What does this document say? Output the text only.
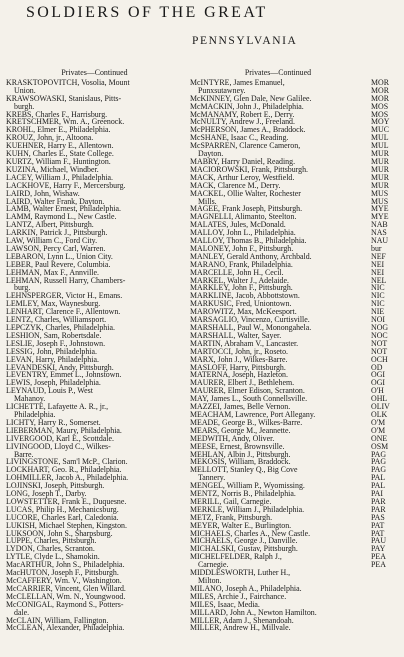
SOLDIERS OF THE GREAT
PENNSYLVANIA
Privates—Continued
KRASKTOPOVITCH, Vosolia, Mount
Union.
KRAWSOWASKI, Stanislaus, Pitts-
burgh.
KREBS, Charles F., Harrisburg.
KRETSCHMER, Wm. A., Greenock.
KROHL, Elmer E., Philadelphia.
KROUZ, John, jr., Altoona.
KUEHNER, Harry E., Allentown.
KUHN, Charles E., State College.
KURTZ, William F., Huntington.
KUZINA, Michael, Windber.
LACEY, William J., Philadelphia.
LACKHOVE, Harry F., Mercersburg.
LAIRD, John, Wishaw.
LAIRD, Walter Frank, Dayton.
LAMB, Walter Ernest, Philadelphia.
LAMM, Raymond L., New Castle.
LANTZ, Albert, Pittsburgh.
LARKIN, Patrick J., Pittsburgh.
LAW, William C., Ford City.
LAWSON, Percy Carl, Warren.
LEBARON, Lynn L., Union City.
LEBER, Paul Revere, Columbia.
LEHMAN, Max F., Annville.
LEHMAN, Russell Harry, Chambers-
burg.
LEHNSPERGER, Victor H., Emans.
LEMLEY, Max, Waynesburg.
LENHART, Clarence F., Allentown.
LENTZ, Charles, Williamsport.
LEPCZYK, Charles, Philadelphia.
LESHION, Sam, Robertsdale.
LESLIE, Joseph F., Johnstown.
LESSIG, John, Philadelphia.
LEVAN, Harry, Philadelphia.
LEVANDESKI, Andy, Pittsburgh.
LEVENTRY, Emmet L., Johnstown.
LEWIS, Joseph, Philadelphia.
LEYNAUD, Louis P., West
Mahanoy.
LICHETTE, Lafayette A. R., jr.,
Philadelphia.
LICHTY, Harry R., Somerset.
LIEBERMAN, Maury, Philadelphia.
LIVERGOOD, Karl E., Scottdale.
LIVINGOOD, Lloyd C., Wilkes-
Barre.
LIVINGSTONE, Sam'l McP., Clarion.
LOCKHART, Geo. R., Philadelphia.
LOHMILLER, Jacob A., Philadelphia.
LOJINSKI, Joseph, Pittsburgh.
LONG, Joseph T., Darby.
LOWSTETTER, Frank E., Duquesne.
LUCAS, Philip H., Mechanicsburg.
LUCORE, Charles Earl, Caledonia.
LUKISH, Michael Stephen, Kingston.
LUKSOON, John S., Sharpsburg.
LUPPE, Charles, Pittsburgh.
LYDON, Charles, Scranton.
LYTLE, Clyde L., Shamokin.
MacARTHUR, John S., Philadelphia.
MacHUTON, Joseph F., Pittsburgh.
McCAFFERY, Wm. V., Washington.
McCARRIER, Vincent, Glen Willard.
McCLELLAN, Wm. N., Youngwood.
McCONIGAL, Raymond S., Potters-
dale.
McCLAIN, William, Fallington.
McCLEAN, Alexander, Philadelphia.
Privates—Continued
McINTYRE, James Emanuel,
Punxsutawney.
McKINNEY, Glen Dale, New Galilee.
McMACKIN, John J., Philadelphia.
McMANAMY, Robert E., Derry.
McNULTY, Andrew J., Freeland.
McPHERSON, James A., Braddock.
McSHANE, Isaac C., Reading.
McSPARREN, Clarence Cameron,
Dayton.
MABRY, Harry Daniel, Reading.
MACIOROWSKI, Frank, Pittsburgh.
MACK, Arthur Leroy, Westfield.
MACK, Clarence M., Derry.
MACKEL, Ollie Walter, Rochester
Mills.
MAGEE, Frank Joseph, Pittsburgh.
MAGNELLI, Alimanto, Steelton.
MALATES, Jules, McDonald.
MALLOY, John L., Philadelphia.
MALLOY, Thomas B., Philadelphia.
MALONEY, John F., Pittsburgh.
MANLEY, Gerald Anthony, Archbald.
MARANO, Frank, Philadelphia.
MARCELLE, John H., Cecil.
MARKEL, Walter J., Adelaide.
MARKLEY, John F., Pittsburgh.
MARKLINE, Jacob, Abbottstown.
MARKUSIC, Fred, Uniontown.
MAROWITZ, Max, McKeesport.
MARSAGLIO, Vincenzo, Curtisville.
MARSHALL, Paul W., Monongahela.
MARSHALL, Walter, Sayer.
MARTIN, Abraham V., Lancaster.
MARTOCCI, John, jr., Roseto.
MARX, John J., Wilkes-Barre.
MASLOFF, Harry, Pittsburgh.
MATERNA, Joseph, Hazleton.
MAURER, Elbert J., Bethlehem.
MAURER, Elmer Edison, Scranton.
MAY, James L., South Connellsville.
MAZZEI, James, Belle Vernon.
MEACHAM, Lawrence, Port Allegany.
MEADE, George B., Wilkes-Barre.
MEARS, George M., Jeannette.
MEDWITH, Andy, Oliver.
MEESE, Ernest, Brownsville.
MEHLAN, Albin J., Pittsburgh.
MEKOSIS, William, Braddock.
MELLOTT, Stanley Q., Big Cove
Tannery.
MENGEL, William P., Wyomissing.
MENTZ, Norris B., Philadelphia.
MERILL, Gail, Carnegie.
MERKLE, William J., Philadelphia.
METZ, Frank, Pittsburgh.
MEYER, Walter E., Burlington.
MICHAELS, Charles A., New Castle.
MICHAELS, George J., Danville.
MICHALSKI, Gustav, Pittsburgh.
MICHELFELDER, Ralph J.,
Carnegie.
MIDDLESWORTH, Luther H.,
Milton.
MILANO, Joseph A., Philadelphia.
MILES, Archie J., Fairchance.
MILES, Isaac, Media.
MILLARD, John A., Newton Hamilton.
MILLER, Adam J., Shenandoah.
MILLER, Andrew H., Millvale.

MOR
MOR
MOR
MOS
MOS
MOY
MUC
MUL
MUL
MUR
MUR
MUR
MUR
MUR
MUS
MUS
MYE
MYE
NAB
NAS
NAU
bur
NEF
NEI
NEI
NEL
NIC
NIC
NIC
NIE
NOI
NOG
NOC
NOT
NOT
OCH
OD
OGI
OGI
O'H
OHL
OLIV
OLK
O'M
O'M
ONE
OSM
PAG
PAG
PAG
PAL
PAL
PAI
PAR
PAR
PAS
PAT
PAT
PAU
PAY
PEA
PEA
